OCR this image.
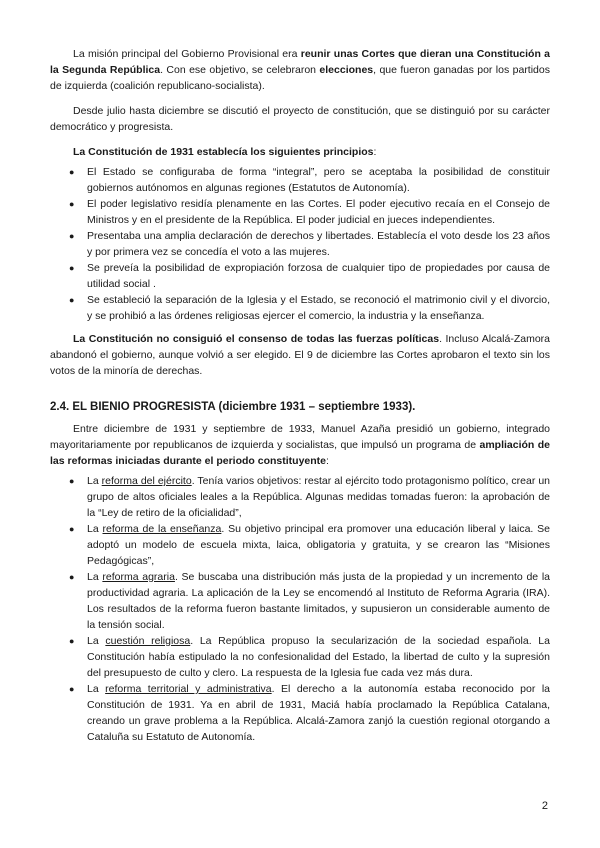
La misión principal del Gobierno Provisional era reunir unas Cortes que dieran una Constitución a la Segunda República. Con ese objetivo, se celebraron elecciones, que fueron ganadas por los partidos de izquierda (coalición republicano-socialista).

Desde julio hasta diciembre se discutió el proyecto de constitución, que se distinguió por su carácter democrático y progresista.

La Constitución de 1931 establecía los siguientes principios:
● El Estado se configuraba de forma “integral”, pero se aceptaba la posibilidad de constituir gobiernos autónomos en algunas regiones (Estatutos de Autonomía).
● El poder legislativo residía plenamente en las Cortes. El poder ejecutivo recaía en el Consejo de Ministros y en el presidente de la República. El poder judicial en jueces independientes.
● Presentaba una amplia declaración de derechos y libertades. Establecía el voto desde los 23 años y por primera vez se concedía el voto a las mujeres.
● Se preveía la posibilidad de expropiación forzosa de cualquier tipo de propiedades por causa de utilidad social .
● Se estableció la separación de la Iglesia y el Estado, se reconoció el matrimonio civil y el divorcio, y se prohibió a las órdenes religiosas ejercer el comercio, la industria y la enseñanza.

La Constitución no consiguió el consenso de todas las fuerzas políticas. Incluso Alcalá-Zamora abandonó el gobierno, aunque volvió a ser elegido. El 9 de diciembre las Cortes aprobaron el texto sin los votos de la minoría de derechas.

2.4. EL BIENIO PROGRESISTA (diciembre 1931 – septiembre 1933).

Entre diciembre de 1931 y septiembre de 1933, Manuel Azaña presidió un gobierno, integrado mayoritariamente por republicanos de izquierda y socialistas, que impulsó un programa de ampliación de las reformas iniciadas durante el periodo constituyente:

● La reforma del ejército. Tenía varios objetivos: restar al ejército todo protagonismo político, crear un grupo de altos oficiales leales a la República. Algunas medidas tomadas fueron: la aprobación de la “Ley de retiro de la oficialidad”,
● La reforma de la enseñanza. Su objetivo principal era promover una educación liberal y laica. Se adoptó un modelo de escuela mixta, laica, obligatoria y gratuita, y se crearon las “Misiones Pedagógicas”,
● La reforma agraria. Se buscaba una distribución más justa de la propiedad y un incremento de la productividad agraria. La aplicación de la Ley se encomendó al Instituto de Reforma Agraria (IRA). Los resultados de la reforma fueron bastante limitados, y supusieron un considerable aumento de la tensión social.
● La cuestión religiosa. La República propuso la secularización de la sociedad española. La Constitución había estipulado la no confesionalidad del Estado, la libertad de culto y la supresión del presupuesto de culto y clero. La respuesta de la Iglesia fue cada vez más dura.
● La reforma territorial y administrativa. El derecho a la autonomía estaba reconocido por la Constitución de 1931. Ya en abril de 1931, Maciá había proclamado la República Catalana, creando un grave problema a la República. Alcalá-Zamora zanjó la cuestión regional otorgando a Cataluña su Estatuto de Autonomía.
2
